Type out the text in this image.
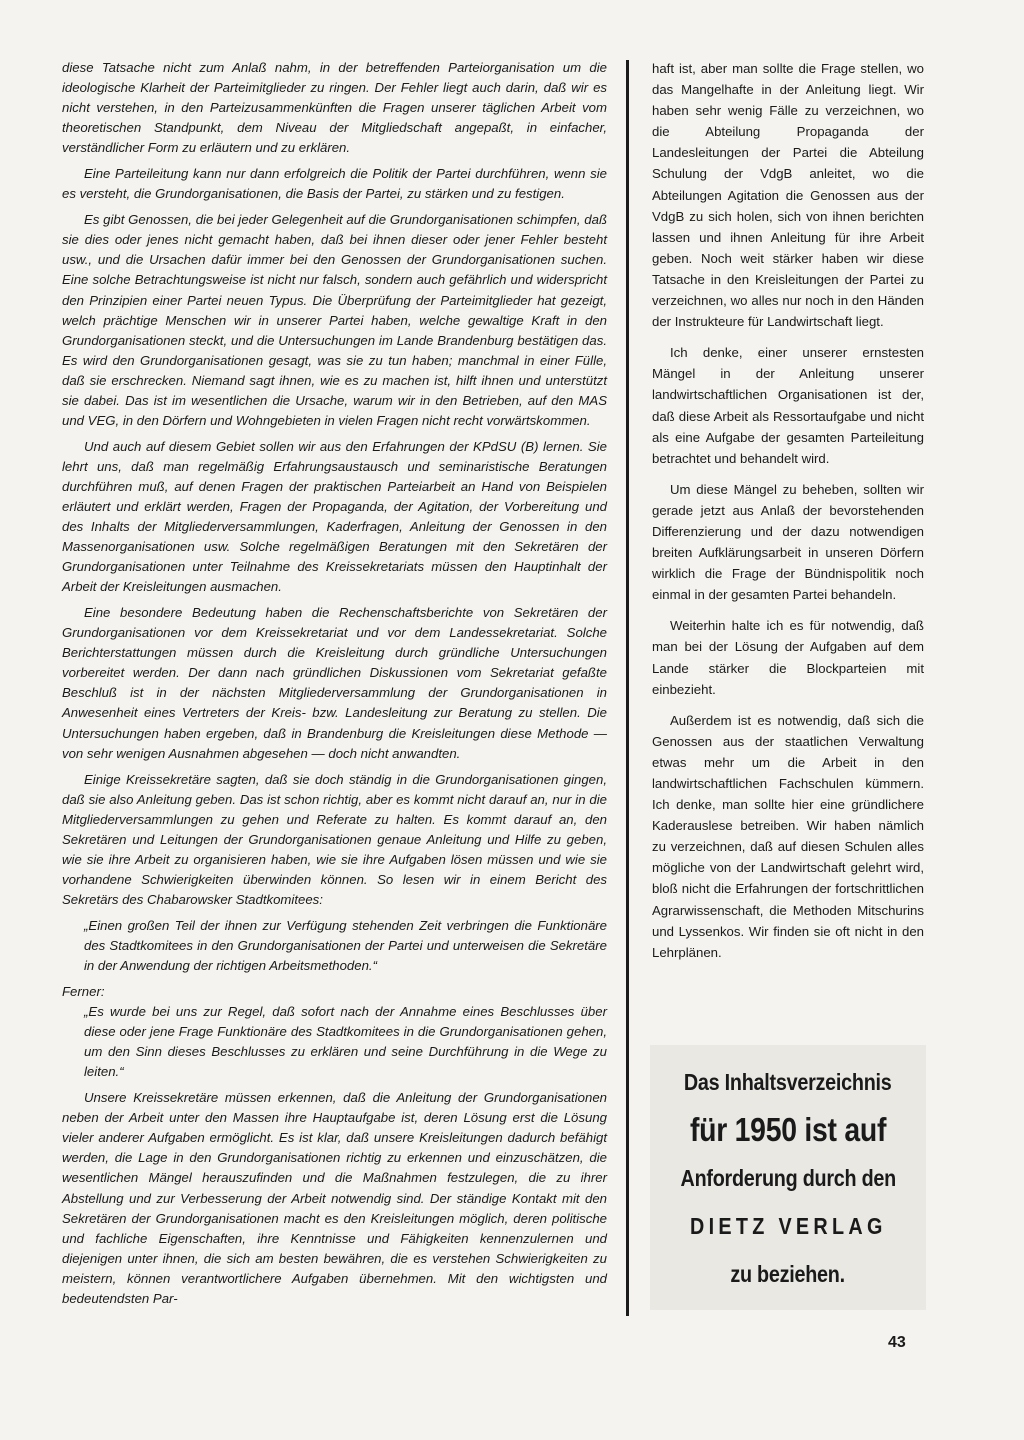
diese Tatsache nicht zum Anlaß nahm, in der betreffenden Parteiorganisation um die ideologische Klarheit der Parteimitglieder zu ringen. Der Fehler liegt auch darin, daß wir es nicht verstehen, in den Parteizusammenkünften die Fragen unserer täglichen Arbeit vom theoretischen Standpunkt, dem Niveau der Mitgliedschaft angepaßt, in einfacher, verständlicher Form zu erläutern und zu erklären.

Eine Parteileitung kann nur dann erfolgreich die Politik der Partei durchführen, wenn sie es versteht, die Grundorganisationen, die Basis der Partei, zu stärken und zu festigen.

Es gibt Genossen, die bei jeder Gelegenheit auf die Grundorganisationen schimpfen, daß sie dies oder jenes nicht gemacht haben, daß bei ihnen dieser oder jener Fehler besteht usw., und die Ursachen dafür immer bei den Genossen der Grundorganisationen suchen. Eine solche Betrachtungsweise ist nicht nur falsch, sondern auch gefährlich und widerspricht den Prinzipien einer Partei neuen Typus. Die Überprüfung der Parteimitglieder hat gezeigt, welch prächtige Menschen wir in unserer Partei haben, welche gewaltige Kraft in den Grundorganisationen steckt, und die Untersuchungen im Lande Brandenburg bestätigen das. Es wird den Grundorganisationen gesagt, was sie zu tun haben; manchmal in einer Fülle, daß sie erschrecken. Niemand sagt ihnen, wie es zu machen ist, hilft ihnen und unterstützt sie dabei. Das ist im wesentlichen die Ursache, warum wir in den Betrieben, auf den MAS und VEG, in den Dörfern und Wohngebieten in vielen Fragen nicht recht vorwärtskommen.

Und auch auf diesem Gebiet sollen wir aus den Erfahrungen der KPdSU (B) lernen. Sie lehrt uns, daß man regelmäßig Erfahrungsaustausch und seminaristische Beratungen durchführen muß, auf denen Fragen der praktischen Parteiarbeit an Hand von Beispielen erläutert und erklärt werden, Fragen der Propaganda, der Agitation, der Vorbereitung und des Inhalts der Mitgliederversammlungen, Kaderfragen, Anleitung der Genossen in den Massenorganisationen usw. Solche regelmäßigen Beratungen mit den Sekretären der Grundorganisationen unter Teilnahme des Kreissekretariats müssen den Hauptinhalt der Arbeit der Kreisleitungen ausmachen.

Eine besondere Bedeutung haben die Rechenschaftsberichte von Sekretären der Grundorganisationen vor dem Kreissekretariat und vor dem Landessekretariat. Solche Berichterstattungen müssen durch die Kreisleitung durch gründliche Untersuchungen vorbereitet werden. Der dann nach gründlichen Diskussionen vom Sekretariat gefaßte Beschluß ist in der nächsten Mitgliederversammlung der Grundorganisationen in Anwesenheit eines Vertreters der Kreis- bzw. Landesleitung zur Beratung zu stellen. Die Untersuchungen haben ergeben, daß in Brandenburg die Kreisleitungen diese Methode — von sehr wenigen Ausnahmen abgesehen — doch nicht anwandten.

Einige Kreissekretäre sagten, daß sie doch ständig in die Grundorganisationen gingen, daß sie also Anleitung geben. Das ist schon richtig, aber es kommt nicht darauf an, nur in die Mitgliederversammlungen zu gehen und Referate zu halten. Es kommt darauf an, den Sekretären und Leitungen der Grundorganisationen genaue Anleitung und Hilfe zu geben, wie sie ihre Arbeit zu organisieren haben, wie sie ihre Aufgaben lösen müssen und wie sie vorhandene Schwierigkeiten überwinden können. So lesen wir in einem Bericht des Sekretärs des Chabarowsker Stadtkomitees:

„Einen großen Teil der ihnen zur Verfügung stehenden Zeit verbringen die Funktionäre des Stadtkomitees in den Grundorganisationen der Partei und unterweisen die Sekretäre in der Anwendung der richtigen Arbeitsmethoden.“

Ferner:

„Es wurde bei uns zur Regel, daß sofort nach der Annahme eines Beschlusses über diese oder jene Frage Funktionäre des Stadtkomitees in die Grundorganisationen gehen, um den Sinn dieses Beschlusses zu erklären und seine Durchführung in die Wege zu leiten.“

Unsere Kreissekretäre müssen erkennen, daß die Anleitung der Grundorganisationen neben der Arbeit unter den Massen ihre Hauptaufgabe ist, deren Lösung erst die Lösung vieler anderer Aufgaben ermöglicht. Es ist klar, daß unsere Kreisleitungen dadurch befähigt werden, die Lage in den Grundorganisationen richtig zu erkennen und einzuschätzen, die wesentlichen Mängel herauszufinden und die Maßnahmen festzulegen, die zu ihrer Abstellung und zur Verbesserung der Arbeit notwendig sind. Der ständige Kontakt mit den Sekretären der Grundorganisationen macht es den Kreisleitungen möglich, deren politische und fachliche Eigenschaften, ihre Kenntnisse und Fähigkeiten kennenzulernen und diejenigen unter ihnen, die sich am besten bewähren, die es verstehen Schwierigkeiten zu meistern, können verantwortlichere Aufgaben übernehmen. Mit den wichtigsten und bedeutendsten Par-

haft ist, aber man sollte die Frage stellen, wo das Mangelhafte in der Anleitung liegt. Wir haben sehr wenig Fälle zu verzeichnen, wo die Abteilung Propaganda der Landesleitungen der Partei die Abteilung Schulung der VdgB anleitet, wo die Abteilungen Agitation die Genossen aus der VdgB zu sich holen, sich von ihnen berichten lassen und ihnen Anleitung für ihre Arbeit geben. Noch weit stärker haben wir diese Tatsache in den Kreisleitungen der Partei zu verzeichnen, wo alles nur noch in den Händen der Instrukteure für Landwirtschaft liegt.

Ich denke, einer unserer ernstesten Mängel in der Anleitung unserer landwirtschaftlichen Organisationen ist der, daß diese Arbeit als Ressortaufgabe und nicht als eine Aufgabe der gesamten Parteileitung betrachtet und behandelt wird.

Um diese Mängel zu beheben, sollten wir gerade jetzt aus Anlaß der bevorstehenden Differenzierung und der dazu notwendigen breiten Aufklärungsarbeit in unseren Dörfern wirklich die Frage der Bündnispolitik noch einmal in der gesamten Partei behandeln.

Weiterhin halte ich es für notwendig, daß man bei der Lösung der Aufgaben auf dem Lande stärker die Blockparteien mit einbezieht.

Außerdem ist es notwendig, daß sich die Genossen aus der staatlichen Verwaltung etwas mehr um die Arbeit in den landwirtschaftlichen Fachschulen kümmern. Ich denke, man sollte hier eine gründlichere Kaderauslese betreiben. Wir haben nämlich zu verzeichnen, daß auf diesen Schulen alles mögliche von der Landwirtschaft gelehrt wird, bloß nicht die Erfahrungen der fortschrittlichen Agrarwissenschaft, die Methoden Mitschurins und Lyssenkos. Wir finden sie oft nicht in den Lehrplänen.

Das Inhaltsverzeichnis
für 1950 ist auf
Anforderung durch den
DIETZ VERLAG
zu beziehen.
43
